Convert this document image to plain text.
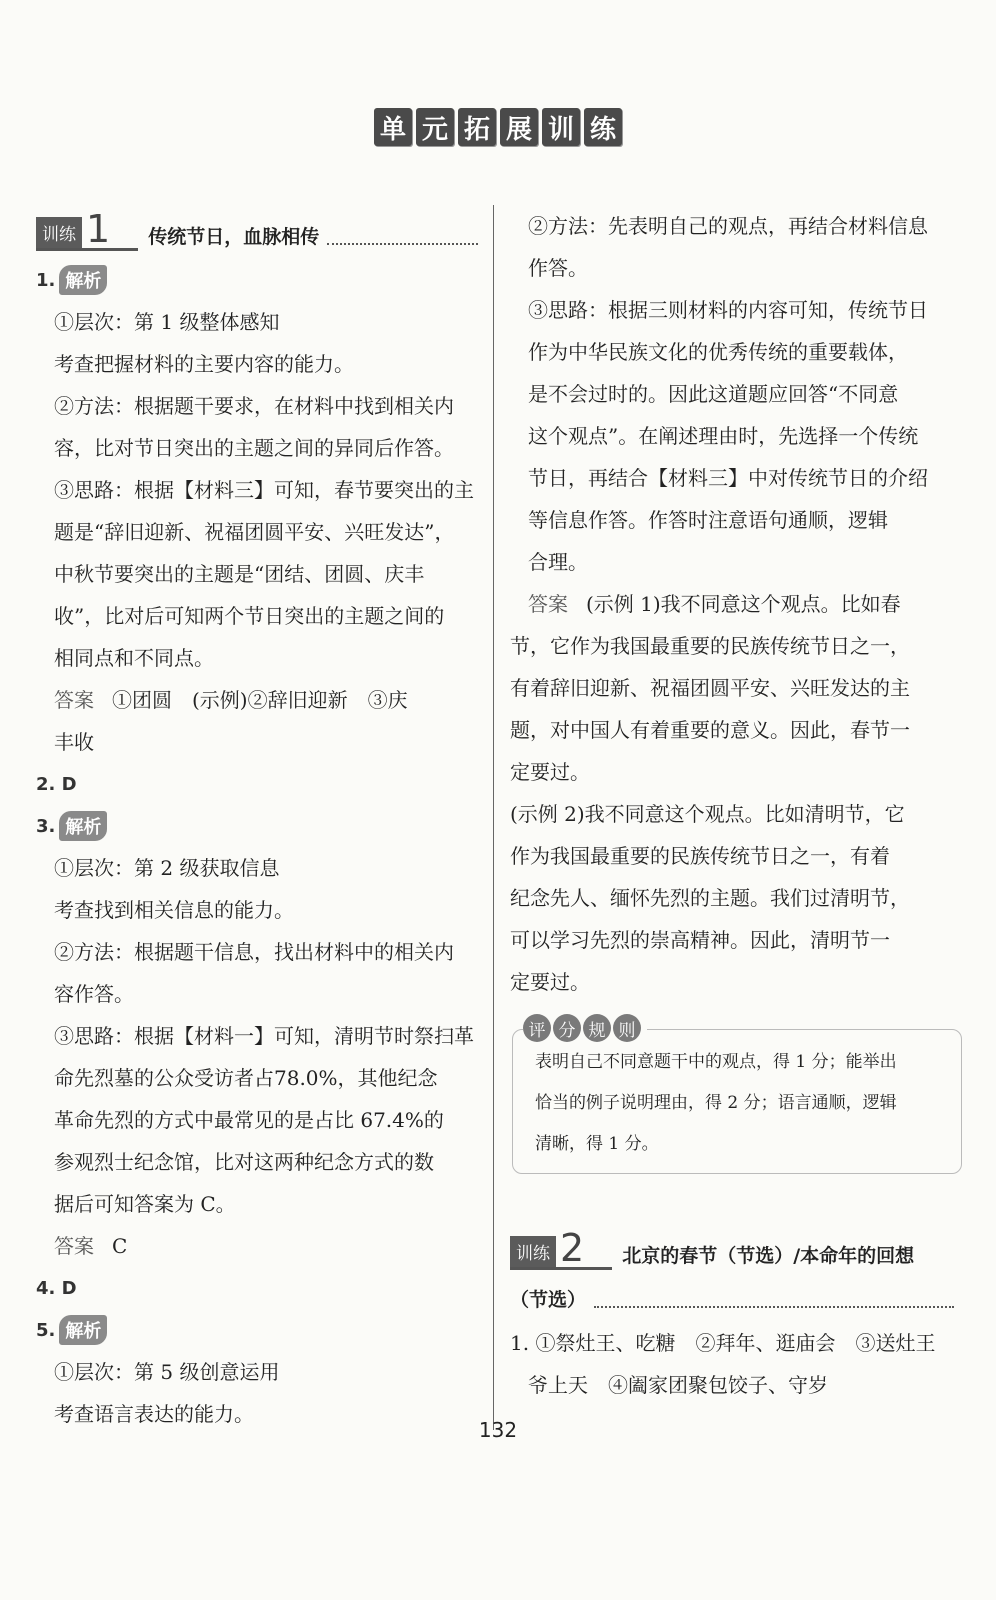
单 元 拓 展 训 练
训练 1	传统节日，血脉相传
1. 解析
①层次：第 1 级整体感知
考查把握材料的主要内容的能力。
②方法：根据题干要求，在材料中找到相关内
容，比对节日突出的主题之间的异同后作答。
③思路：根据【材料三】可知，春节要突出的主
题是“辞旧迎新、祝福团圆平安、兴旺发达”，
中秋节要突出的主题是“团结、团圆、庆丰
收”，比对后可知两个节日突出的主题之间的
相同点和不同点。
答案 ①团圆　(示例)②辞旧迎新　③庆
丰收
2. D
3. 解析
①层次：第 2 级获取信息
考查找到相关信息的能力。
②方法：根据题干信息，找出材料中的相关内
容作答。
③思路：根据【材料一】可知，清明节时祭扫革
命先烈墓的公众受访者占78.0%，其他纪念
革命先烈的方式中最常见的是占比 67.4%的
参观烈士纪念馆，比对这两种纪念方式的数
据后可知答案为 C。
答案 C
4. D
5. 解析
①层次：第 5 级创意运用
考查语言表达的能力。
②方法：先表明自己的观点，再结合材料信息
作答。
③思路：根据三则材料的内容可知，传统节日
作为中华民族文化的优秀传统的重要载体，
是不会过时的。因此这道题应回答“不同意
这个观点”。在阐述理由时，先选择一个传统
节日，再结合【材料三】中对传统节日的介绍
等信息作答。作答时注意语句通顺，逻辑
合理。
答案 (示例 1)我不同意这个观点。比如春
节，它作为我国最重要的民族传统节日之一，
有着辞旧迎新、祝福团圆平安、兴旺发达的主
题，对中国人有着重要的意义。因此，春节一
定要过。
(示例 2)我不同意这个观点。比如清明节，它
作为我国最重要的民族传统节日之一，有着
纪念先人、缅怀先烈的主题。我们过清明节，
可以学习先烈的崇高精神。因此，清明节一
定要过。
评 分 规 则
表明自己不同意题干中的观点，得 1 分；能举出
恰当的例子说明理由，得 2 分；语言通顺，逻辑
清晰，得 1 分。
训练 2	北京的春节（节选）/本命年的回想
（节选）
1. ①祭灶王、吃糖　②拜年、逛庙会　③送灶王
爷上天　④阖家团聚包饺子、守岁
132
